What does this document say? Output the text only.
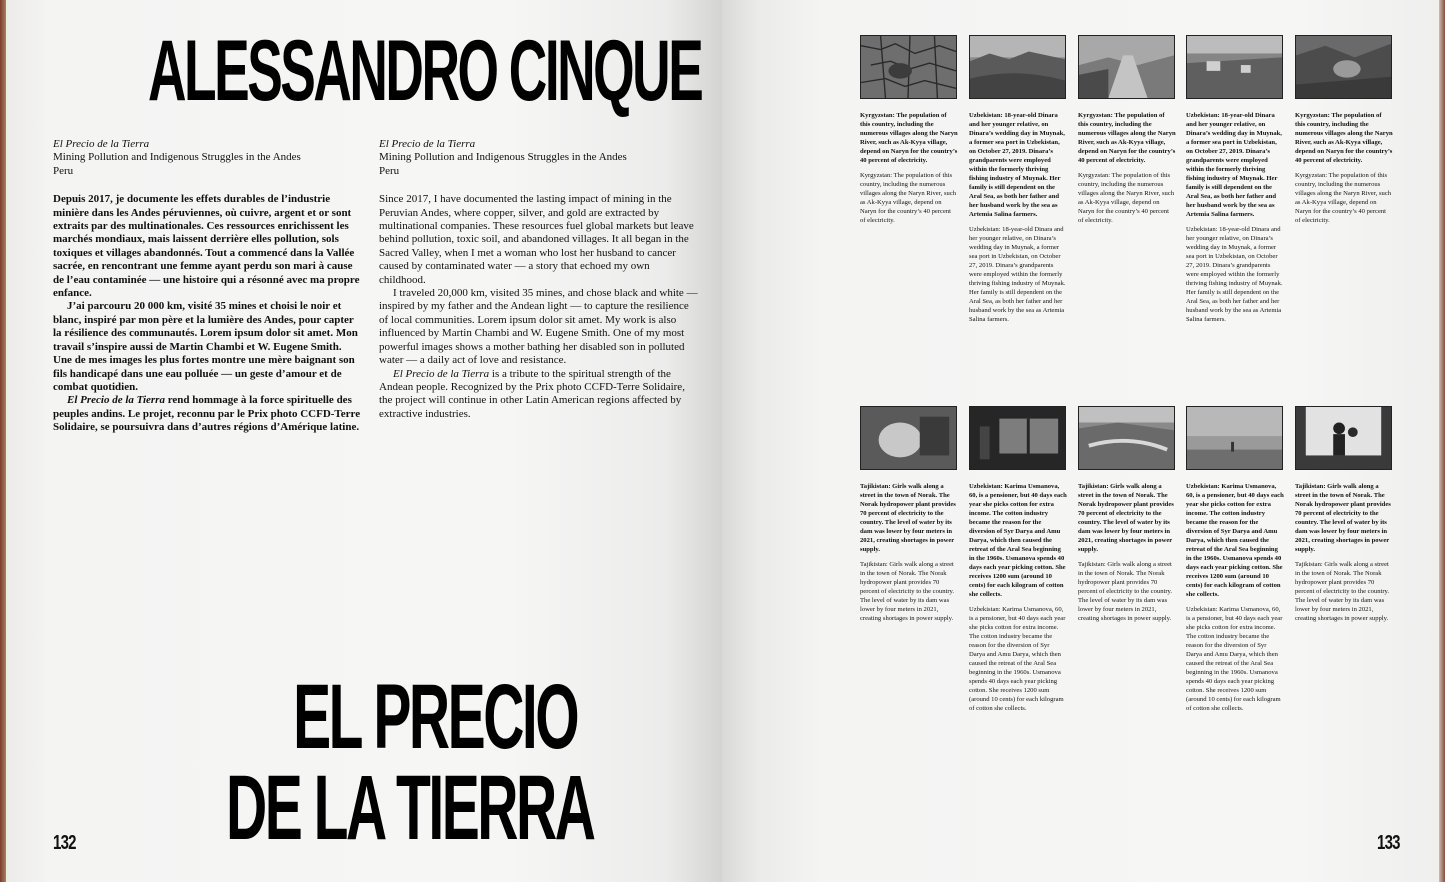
ALESSANDRO CINQUE

El Precio de la Tierra

Mining Pollution and Indigenous Struggles in the Andes

Peru

Depuis 2017, je documente les effets durables de l’industrie minière dans les Andes péruviennes, où cuivre, argent et or sont extraits par des multinationales. Ces ressources enrichissent les marchés mondiaux, mais laissent derrière elles pollution, sols toxiques et villages abandonnés. Tout a commencé dans la Vallée sacrée, en rencontrant une femme ayant perdu son mari à cause de l’eau contaminée — une histoire qui a résonné avec ma propre enfance.

J’ai parcouru 20 000 km, visité 35 mines et choisi le noir et blanc, inspiré par mon père et la lumière des Andes, pour capter la résilience des communautés. Lorem ipsum dolor sit amet. Mon travail s’inspire aussi de Martin Chambi et W. Eugene Smith. Une de mes images les plus fortes montre une mère baignant son fils handicapé dans une eau polluée — un geste d’amour et de combat quotidien.

El Precio de la Tierra rend hommage à la force spirituelle des peuples andins. Le projet, reconnu par le Prix photo CCFD-Terre Solidaire, se poursuivra dans d’autres régions d’Amérique latine.

El Precio de la Tierra

Mining Pollution and Indigenous Struggles in the Andes

Peru

Since 2017, I have documented the lasting impact of mining in the Peruvian Andes, where copper, silver, and gold are extracted by multinational companies. These resources fuel global markets but leave behind pollution, toxic soil, and abandoned villages. It all began in the Sacred Valley, when I met a woman who lost her husband to cancer caused by contaminated water — a story that echoed my own childhood.

I traveled 20,000 km, visited 35 mines, and chose black and white — inspired by my father and the Andean light — to capture the resilience of local communities. Lorem ipsum dolor sit amet. My work is also influenced by Martin Chambi and W. Eugene Smith. One of my most powerful images shows a mother bathing her disabled son in polluted water — a daily act of love and resistance.

El Precio de la Tierra is a tribute to the spiritual strength of the Andean people. Recognized by the Prix photo CCFD-Terre Solidaire, the project will continue in other Latin American regions affected by extractive industries.

EL PRECIO
DE LA TIERRA
132

Kyrgyzstan: The population of this country, including the numerous villages along the Naryn River, such as Ak-Kyya village, depend on Naryn for the country’s 40 percent of electricity.

Kyrgyzstan: The population of this country, including the numerous villages along the Naryn River, such as Ak-Kyya village, depend on Naryn for the country’s 40 percent of electricity.

Uzbekistan: 18-year-old Dinara and her younger relative, on Dinara’s wedding day in Muynak, a former sea port in Uzbekistan, on October 27, 2019. Dinara’s grandparents were employed within the formerly thriving fishing industry of Muynak. Her family is still dependent on the Aral Sea, as both her father and her husband work by the sea as Artemia Salina farmers.

Uzbekistan: 18-year-old Dinara and her younger relative, on Dinara’s wedding day in Muynak, a former sea port in Uzbekistan, on October 27, 2019. Dinara’s grandparents were employed within the formerly thriving fishing industry of Muynak. Her family is still dependent on the Aral Sea, as both her father and her husband work by the sea as Artemia Salina farmers.

Kyrgyzstan: The population of this country, including the numerous villages along the Naryn River, such as Ak-Kyya village, depend on Naryn for the country’s 40 percent of electricity.

Kyrgyzstan: The population of this country, including the numerous villages along the Naryn River, such as Ak-Kyya village, depend on Naryn for the country’s 40 percent of electricity.

Uzbekistan: 18-year-old Dinara and her younger relative, on Dinara’s wedding day in Muynak, a former sea port in Uzbekistan, on October 27, 2019. Dinara’s grandparents were employed within the formerly thriving fishing industry of Muynak. Her family is still dependent on the Aral Sea, as both her father and her husband work by the sea as Artemia Salina farmers.

Uzbekistan: 18-year-old Dinara and her younger relative, on Dinara’s wedding day in Muynak, a former sea port in Uzbekistan, on October 27, 2019. Dinara’s grandparents were employed within the formerly thriving fishing industry of Muynak. Her family is still dependent on the Aral Sea, as both her father and her husband work by the sea as Artemia Salina farmers.

Kyrgyzstan: The population of this country, including the numerous villages along the Naryn River, such as Ak-Kyya village, depend on Naryn for the country’s 40 percent of electricity.

Kyrgyzstan: The population of this country, including the numerous villages along the Naryn River, such as Ak-Kyya village, depend on Naryn for the country’s 40 percent of electricity.

Tajikistan: Girls walk along a street in the town of Norak. The Norak hydropower plant provides 70 percent of electricity to the country. The level of water by its dam was lower by four meters in 2021, creating shortages in power supply.

Tajikistan: Girls walk along a street in the town of Norak. The Norak hydropower plant provides 70 percent of electricity to the country. The level of water by its dam was lower by four meters in 2021, creating shortages in power supply.

Uzbekistan: Karima Usmanova, 60, is a pensioner, but 40 days each year she picks cotton for extra income. The cotton industry became the reason for the diversion of Syr Darya and Amu Darya, which then caused the retreat of the Aral Sea beginning in the 1960s. Usmanova spends 40 days each year picking cotton. She receives 1200 sum (around 10 cents) for each kilogram of cotton she collects.

Uzbekistan: Karima Usmanova, 60, is a pensioner, but 40 days each year she picks cotton for extra income. The cotton industry became the reason for the diversion of Syr Darya and Amu Darya, which then caused the retreat of the Aral Sea beginning in the 1960s. Usmanova spends 40 days each year picking cotton. She receives 1200 sum (around 10 cents) for each kilogram of cotton she collects.

Tajikistan: Girls walk along a street in the town of Norak. The Norak hydropower plant provides 70 percent of electricity to the country. The level of water by its dam was lower by four meters in 2021, creating shortages in power supply.

Tajikistan: Girls walk along a street in the town of Norak. The Norak hydropower plant provides 70 percent of electricity to the country. The level of water by its dam was lower by four meters in 2021, creating shortages in power supply.

Uzbekistan: Karima Usmanova, 60, is a pensioner, but 40 days each year she picks cotton for extra income. The cotton industry became the reason for the diversion of Syr Darya and Amu Darya, which then caused the retreat of the Aral Sea beginning in the 1960s. Usmanova spends 40 days each year picking cotton. She receives 1200 sum (around 10 cents) for each kilogram of cotton she collects.

Uzbekistan: Karima Usmanova, 60, is a pensioner, but 40 days each year she picks cotton for extra income. The cotton industry became the reason for the diversion of Syr Darya and Amu Darya, which then caused the retreat of the Aral Sea beginning in the 1960s. Usmanova spends 40 days each year picking cotton. She receives 1200 sum (around 10 cents) for each kilogram of cotton she collects.

Tajikistan: Girls walk along a street in the town of Norak. The Norak hydropower plant provides 70 percent of electricity to the country. The level of water by its dam was lower by four meters in 2021, creating shortages in power supply.

Tajikistan: Girls walk along a street in the town of Norak. The Norak hydropower plant provides 70 percent of electricity to the country. The level of water by its dam was lower by four meters in 2021, creating shortages in power supply.

133
